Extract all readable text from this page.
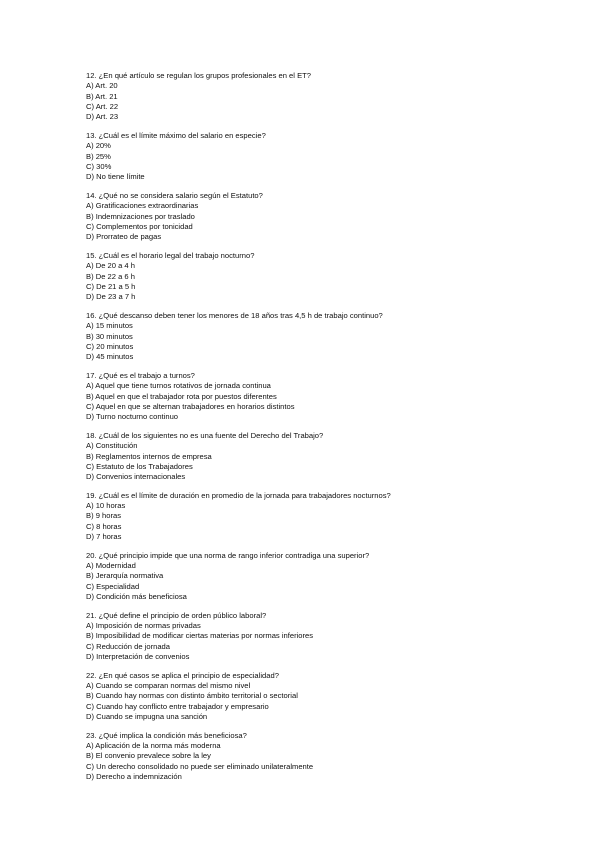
12. ¿En qué artículo se regulan los grupos profesionales en el ET?
A) Art. 20
B) Art. 21
C) Art. 22
D) Art. 23
13. ¿Cuál es el límite máximo del salario en especie?
A) 20%
B) 25%
C) 30%
D) No tiene límite
14. ¿Qué no se considera salario según el Estatuto?
A) Gratificaciones extraordinarias
B) Indemnizaciones por traslado
C) Complementos por tonicidad
D) Prorrateo de pagas
15. ¿Cuál es el horario legal del trabajo nocturno?
A) De 20 a 4 h
B) De 22 a 6 h
C) De 21 a 5 h
D) De 23 a 7 h
16. ¿Qué descanso deben tener los menores de 18 años tras 4,5 h de trabajo continuo?
A) 15 minutos
B) 30 minutos
C) 20 minutos
D) 45 minutos
17. ¿Qué es el trabajo a turnos?
A) Aquel que tiene turnos rotativos de jornada continua
B) Aquel en que el trabajador rota por puestos diferentes
C) Aquel en que se alternan trabajadores en horarios distintos
D) Turno nocturno continuo
18. ¿Cuál de los siguientes no es una fuente del Derecho del Trabajo?
A) Constitución
B) Reglamentos internos de empresa
C) Estatuto de los Trabajadores
D) Convenios internacionales
19. ¿Cuál es el límite de duración en promedio de la jornada para trabajadores nocturnos?
A) 10 horas
B) 9 horas
C) 8 horas
D) 7 horas
20. ¿Qué principio impide que una norma de rango inferior contradiga una superior?
A) Modernidad
B) Jerarquía normativa
C) Especialidad
D) Condición más beneficiosa
21. ¿Qué define el principio de orden público laboral?
A) Imposición de normas privadas
B) Imposibilidad de modificar ciertas materias por normas inferiores
C) Reducción de jornada
D) Interpretación de convenios
22. ¿En qué casos se aplica el principio de especialidad?
A) Cuando se comparan normas del mismo nivel
B) Cuando hay normas con distinto ámbito territorial o sectorial
C) Cuando hay conflicto entre trabajador y empresario
D) Cuando se impugna una sanción
23. ¿Qué implica la condición más beneficiosa?
A) Aplicación de la norma más moderna
B) El convenio prevalece sobre la ley
C) Un derecho consolidado no puede ser eliminado unilateralmente
D) Derecho a indemnización
